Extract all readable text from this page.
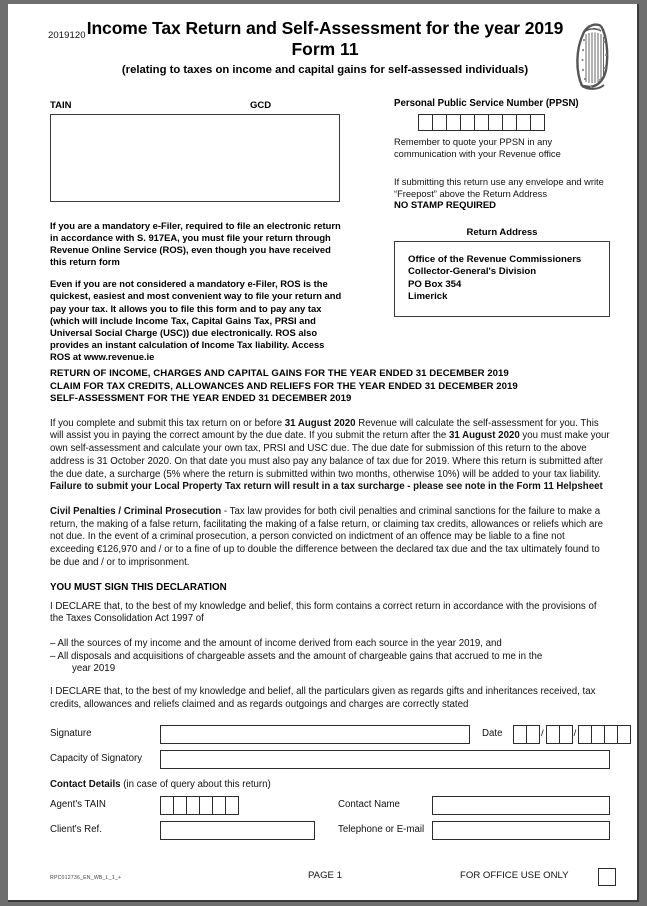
2019120 Income Tax Return and Self-Assessment for the year 2019
Form 11
(relating to taxes on income and capital gains for self-assessed individuals)
TAIN	GCD	Personal Public Service Number (PPSN)
Remember to quote your PPSN in any communication with your Revenue office
If submitting this return use any envelope and write “Freepost” above the Return Address
NO STAMP REQUIRED
Return Address
Office of the Revenue Commissioners
Collector-General's Division
PO Box 354
Limerick

If you are a mandatory e-Filer, required to file an electronic return in accordance with S. 917EA, you must file your return through Revenue Online Service (ROS), even though you have received this return form

Even if you are not considered a mandatory e-Filer, ROS is the quickest, easiest and most convenient way to file your return and pay your tax. It allows you to file this form and to pay any tax (which will include Income Tax, Capital Gains Tax, PRSI and Universal Social Charge (USC)) due electronically. ROS also provides an instant calculation of Income Tax liability. Access ROS at www.revenue.ie

RETURN OF INCOME, CHARGES AND CAPITAL GAINS FOR THE YEAR ENDED 31 DECEMBER 2019
CLAIM FOR TAX CREDITS, ALLOWANCES AND RELIEFS FOR THE YEAR ENDED 31 DECEMBER 2019
SELF-ASSESSMENT FOR THE YEAR ENDED 31 DECEMBER 2019

If you complete and submit this tax return on or before 31 August 2020 Revenue will calculate the self-assessment for you. This will assist you in paying the correct amount by the due date. If you submit the return after the 31 August 2020 you must make your own self-assessment and calculate your own tax, PRSI and USC due. The due date for submission of this return to the above address is 31 October 2020. On that date you must also pay any balance of tax due for 2019. Where this return is submitted after the due date, a surcharge (5% where the return is submitted within two months, otherwise 10%) will be added to your tax liability. Failure to submit your Local Property Tax return will result in a tax surcharge - please see note in the Form 11 Helpsheet

Civil Penalties / Criminal Prosecution - Tax law provides for both civil penalties and criminal sanctions for the failure to make a return, the making of a false return, facilitating the making of a false return, or claiming tax credits, allowances or reliefs which are not due. In the event of a criminal prosecution, a person convicted on indictment of an offence may be liable to a fine not exceeding €126,970 and / or to a fine of up to double the difference between the declared tax due and the tax ultimately found to be due and / or to imprisonment.

YOU MUST SIGN THIS DECLARATION

I DECLARE that, to the best of my knowledge and belief, this form contains a correct return in accordance with the provisions of the Taxes Consolidation Act 1997 of

– All the sources of my income and the amount of income derived from each source in the year 2019, and
– All disposals and acquisitions of chargeable assets and the amount of chargeable gains that accrued to me in the
year 2019

I DECLARE that, to the best of my knowledge and belief, all the particulars given as regards gifts and inheritances received, tax credits, allowances and reliefs claimed and as regards outgoings and charges are correctly stated

Signature	Date	/	/
Capacity of Signatory
Contact Details (in case of query about this return)
Agent's TAIN	Contact Name
Client's Ref.	Telephone or E-mail
RPC012736_EN_WB_L_1_+	PAGE 1	FOR OFFICE USE ONLY
